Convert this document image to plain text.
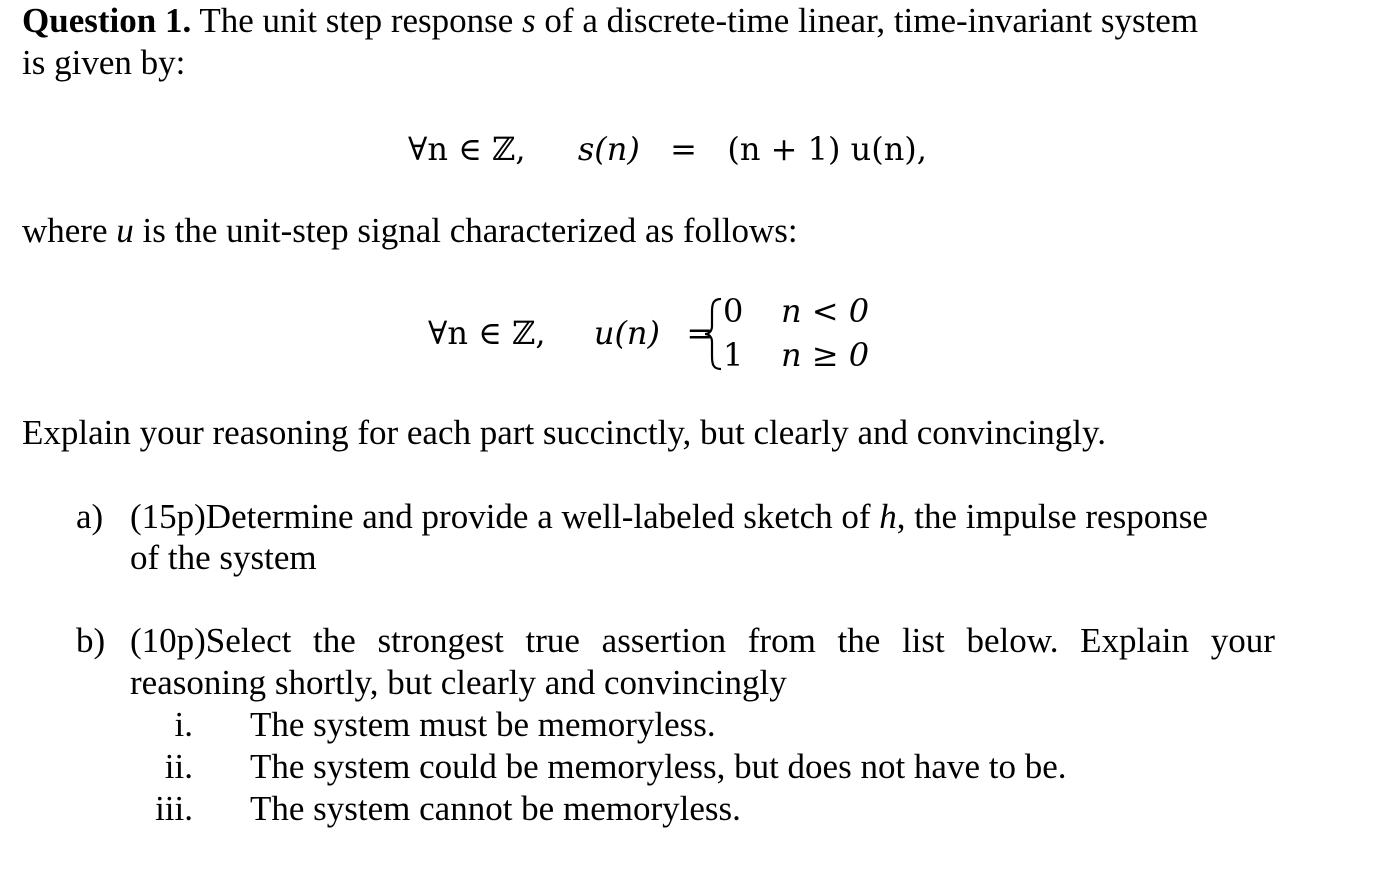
Question 1. The unit step response s of a discrete-time linear, time-invariant system
is given by:
∀n ∈ ℤ, s(n) = (n + 1) u(n),
where u is the unit-step signal characterized as follows:
∀n ∈ ℤ, u(n) =
0 n < 0
1 n ≥ 0
Explain your reasoning for each part succinctly, but clearly and convincingly.
a) (15p)Determine and provide a well-labeled sketch of h, the impulse response
of the system
b) (10p)Select the strongest true assertion from the list below. Explain your
reasoning shortly, but clearly and convincingly
i. The system must be memoryless.
ii. The system could be memoryless, but does not have to be.
iii. The system cannot be memoryless.
